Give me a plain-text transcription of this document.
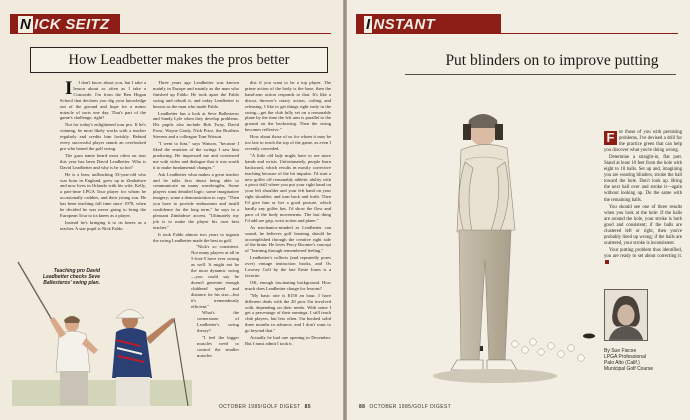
N ICK SEITZ
How Leadbetter makes the pros better

I I don't know about you, but I take a lesson about as often as I take a Concorde. I'm from the Ben Hogan School that declares you dig your knowledge out of the ground and hope for a minor miracle of sorts one day. That's part of the game's challenge, right?

Not for today's enlightened tour pro. If he's winning, he most likely works with a teacher regularly and credits him lavishly. Behind every successful player stands an overlooked pro who honed the golf swing.

The guru name heard most often on tour this year has been David Leadbetter. Who is David Leadbetter and why is he so hot?

He is a lean, unflinching 33-year-old who was born in England, grew up in Zimbabwe and now lives in Orlando with his wife, Kelly, a part-time LPGA Tour player for whom he occasionally caddies, and their young son. He has been teaching full time since 1978, when he decided he was never going to bring the European Tour to its knees as a player.

Instead he's bringing it to its knees as a teacher. A star pupil is Nick Faldo.

Three years ago Leadbetter was known mainly in Europe and mainly as the man who finished up Faldo. He took apart the Faldo swing and rebuilt it, and today Leadbetter is known as the man who made Faldo.

Leadbetter has a look at Seve Ballesteros and Sandy Lyle when they develop problems. His pupils also include Bob Tway, David Frost, Wayne Grady, Nick Price, the Brothers Stevens and a colleague Tom Watson.

"I went to him," says Watson, "because I liked the emotion of the swings I saw him producing. He impressed me and convinced me with video and dialogue that it was worth it to make fundamental changes."

Ask Leadbetter what makes a great teacher and he talks first about being able to communicate on many wavelengths. Some players want detailed logic; some imaginative imagery; some a demonstration to copy. "Then you have to provide enthusiasm and instill confidence for the long term," he says in a pleasant Zimbabwe accent. "Ultimately my job is to make the player his own best teacher."

It took Faldo almost two years to ingrain the swing Leadbetter made the best in golf.

"Nick's so consistent. Not many players at all in 5-foot-5 have ever swung as well. It might not be the most dynamic swing—you could say he doesn't generate enough clubhead speed and distance for his size—but it's tremendously efficient."

What's the cornerstone of Leadbetter's swing theory?

"I feel the bigger muscles need to control the smaller muscles

dist if you want to be a top player. The prime action of the body is the base, then the hand-arm action responds to that. It's like a discus thrower's rotary action, coiling and releasing. I like to get things right early in the swing—get the club fully set on a reasonable plane by the time the left arm is parallel to the ground on the backswing. Then the swing becomes reflexive."

How about those of us for whom it may be too late to reach the top of the game, as even I recently conceded.

"A little old lady might have to see more hands and wrists. Unfortunately, people learn backward, which results in mostly corrective teaching because of the bit impulse. I'd start a new golfer off reasonably athletic ability with a pivot drill where you put your right hand on your left shoulder and your left hand on your right shoulder, and turn back and forth. Then I'd give him or her a good posture, which hardly any golfer has. I'd show the flow and pace of the body movements. The last thing I'd add are grip, wrist action and plane."

As mechanics-minded as Leadbetter can sound, he believes golf learning should be accomplished through the creative right side of the brain. He loves Percy Boomer's concept of "learning through remembered feeling."

Leadbetter's collects (and repeatedly pores over) vintage instruction books, and Os Lowney Golf by the late Ernie Jones is a favorite.

OK, enough fascinating background. How much does Leadbetter charge for lessons?

"My basic rate is $150 an hour. I have different deals with the 20 pros I'm involved with, depending on their needs. With some I get a percentage of their earnings. I still teach club players, but less often. I'm booked solid three months in advance, and I don't want to go beyond that."

Actually he had one opening in December. But I must admit I took it.

Teaching pro David Leadbetter checks Sevе Ballesteros' swing plan.
OCTOBER 1985/GOLF DIGEST 85
I NSTANT LESSON
Put blinders on to improve putting

F or those of you with persisting problems, I've devised a drill for the practice green that can help you discover what you're doing wrong.

Determine a straight-in, flat putt. Stand at least 10 feet from the hole with eight to 10 balls. Set up and, imagining you are wearing blinders, stroke the ball toward the hole. Don't look up. Bring the next ball over and stroke it—again without looking up. Do the same with the remaining balls.

You should see one of three results when you look at the hole: If the balls are around the hole, your stroke is both good and consistent; if the balls are clustered left or right, then you're probably lined up wrong; if the balls are scattered, your stroke is inconsistent.

Your putting problem thus identified, you are ready to set about correcting it.

By Sue Fiscoe
LPGA Professional
Palo Alto (Calif.)
Municipal Golf Course
88 OCTOBER 1985/GOLF DIGEST
